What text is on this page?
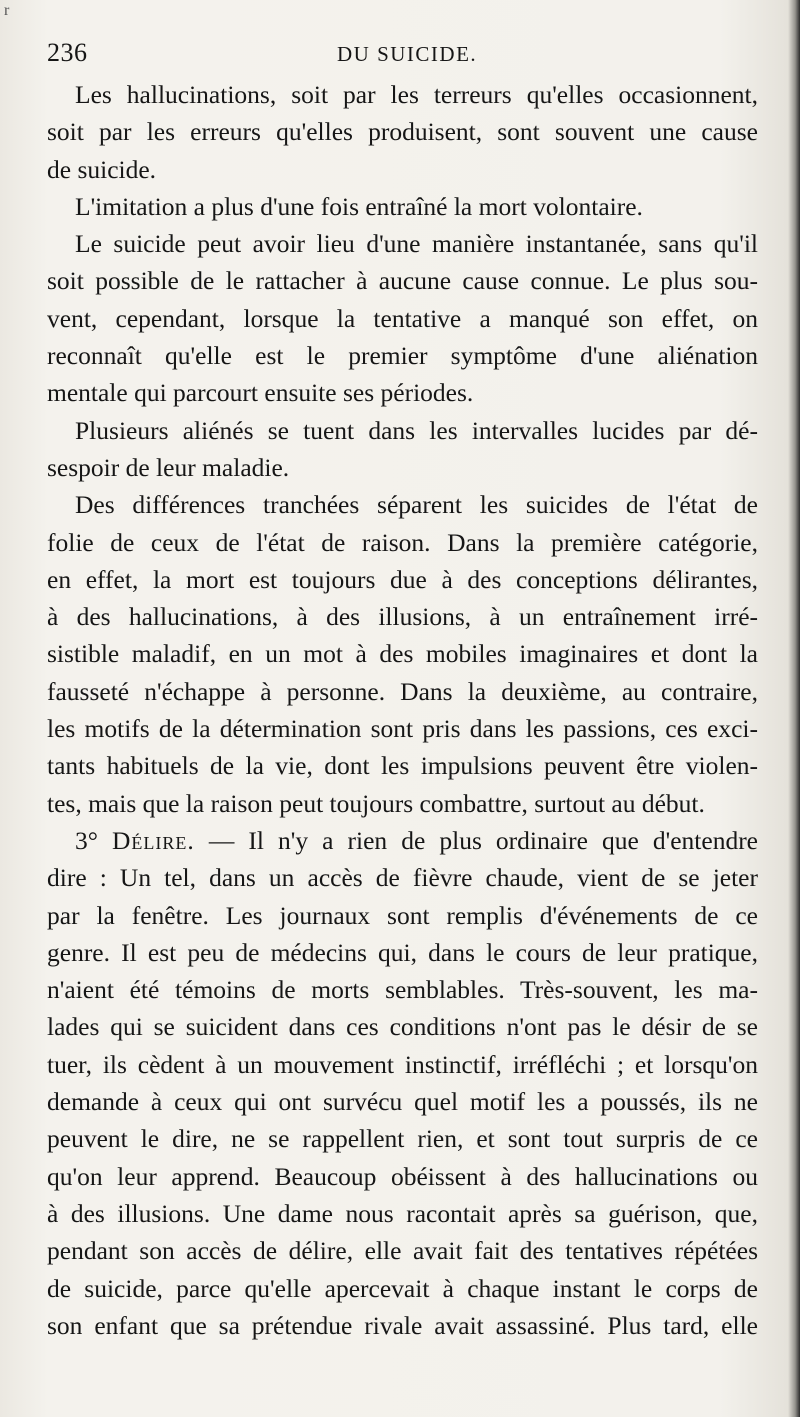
r
236	DU SUICIDE.
Les hallucinations, soit par les terreurs qu'elles occasionnent,
soit par les erreurs qu'elles produisent, sont souvent une cause
de suicide.
L'imitation a plus d'une fois entraîné la mort volontaire.
Le suicide peut avoir lieu d'une manière instantanée, sans qu'il
soit possible de le rattacher à aucune cause connue. Le plus sou-
vent, cependant, lorsque la tentative a manqué son effet, on
reconnaît qu'elle est le premier symptôme d'une aliénation
mentale qui parcourt ensuite ses périodes.
Plusieurs aliénés se tuent dans les intervalles lucides par dé-
sespoir de leur maladie.
Des différences tranchées séparent les suicides de l'état de
folie de ceux de l'état de raison. Dans la première catégorie,
en effet, la mort est toujours due à des conceptions délirantes,
à des hallucinations, à des illusions, à un entraînement irré-
sistible maladif, en un mot à des mobiles imaginaires et dont la
fausseté n'échappe à personne. Dans la deuxième, au contraire,
les motifs de la détermination sont pris dans les passions, ces exci-
tants habituels de la vie, dont les impulsions peuvent être violen-
tes, mais que la raison peut toujours combattre, surtout au début.
3° Délire. — Il n'y a rien de plus ordinaire que d'entendre
dire : Un tel, dans un accès de fièvre chaude, vient de se jeter
par la fenêtre. Les journaux sont remplis d'événements de ce
genre. Il est peu de médecins qui, dans le cours de leur pratique,
n'aient été témoins de morts semblables. Très-souvent, les ma-
lades qui se suicident dans ces conditions n'ont pas le désir de se
tuer, ils cèdent à un mouvement instinctif, irréfléchi ; et lorsqu'on
demande à ceux qui ont survécu quel motif les a poussés, ils ne
peuvent le dire, ne se rappellent rien, et sont tout surpris de ce
qu'on leur apprend. Beaucoup obéissent à des hallucinations ou
à des illusions. Une dame nous racontait après sa guérison, que,
pendant son accès de délire, elle avait fait des tentatives répétées
de suicide, parce qu'elle apercevait à chaque instant le corps de
son enfant que sa prétendue rivale avait assassiné. Plus tard, elle
